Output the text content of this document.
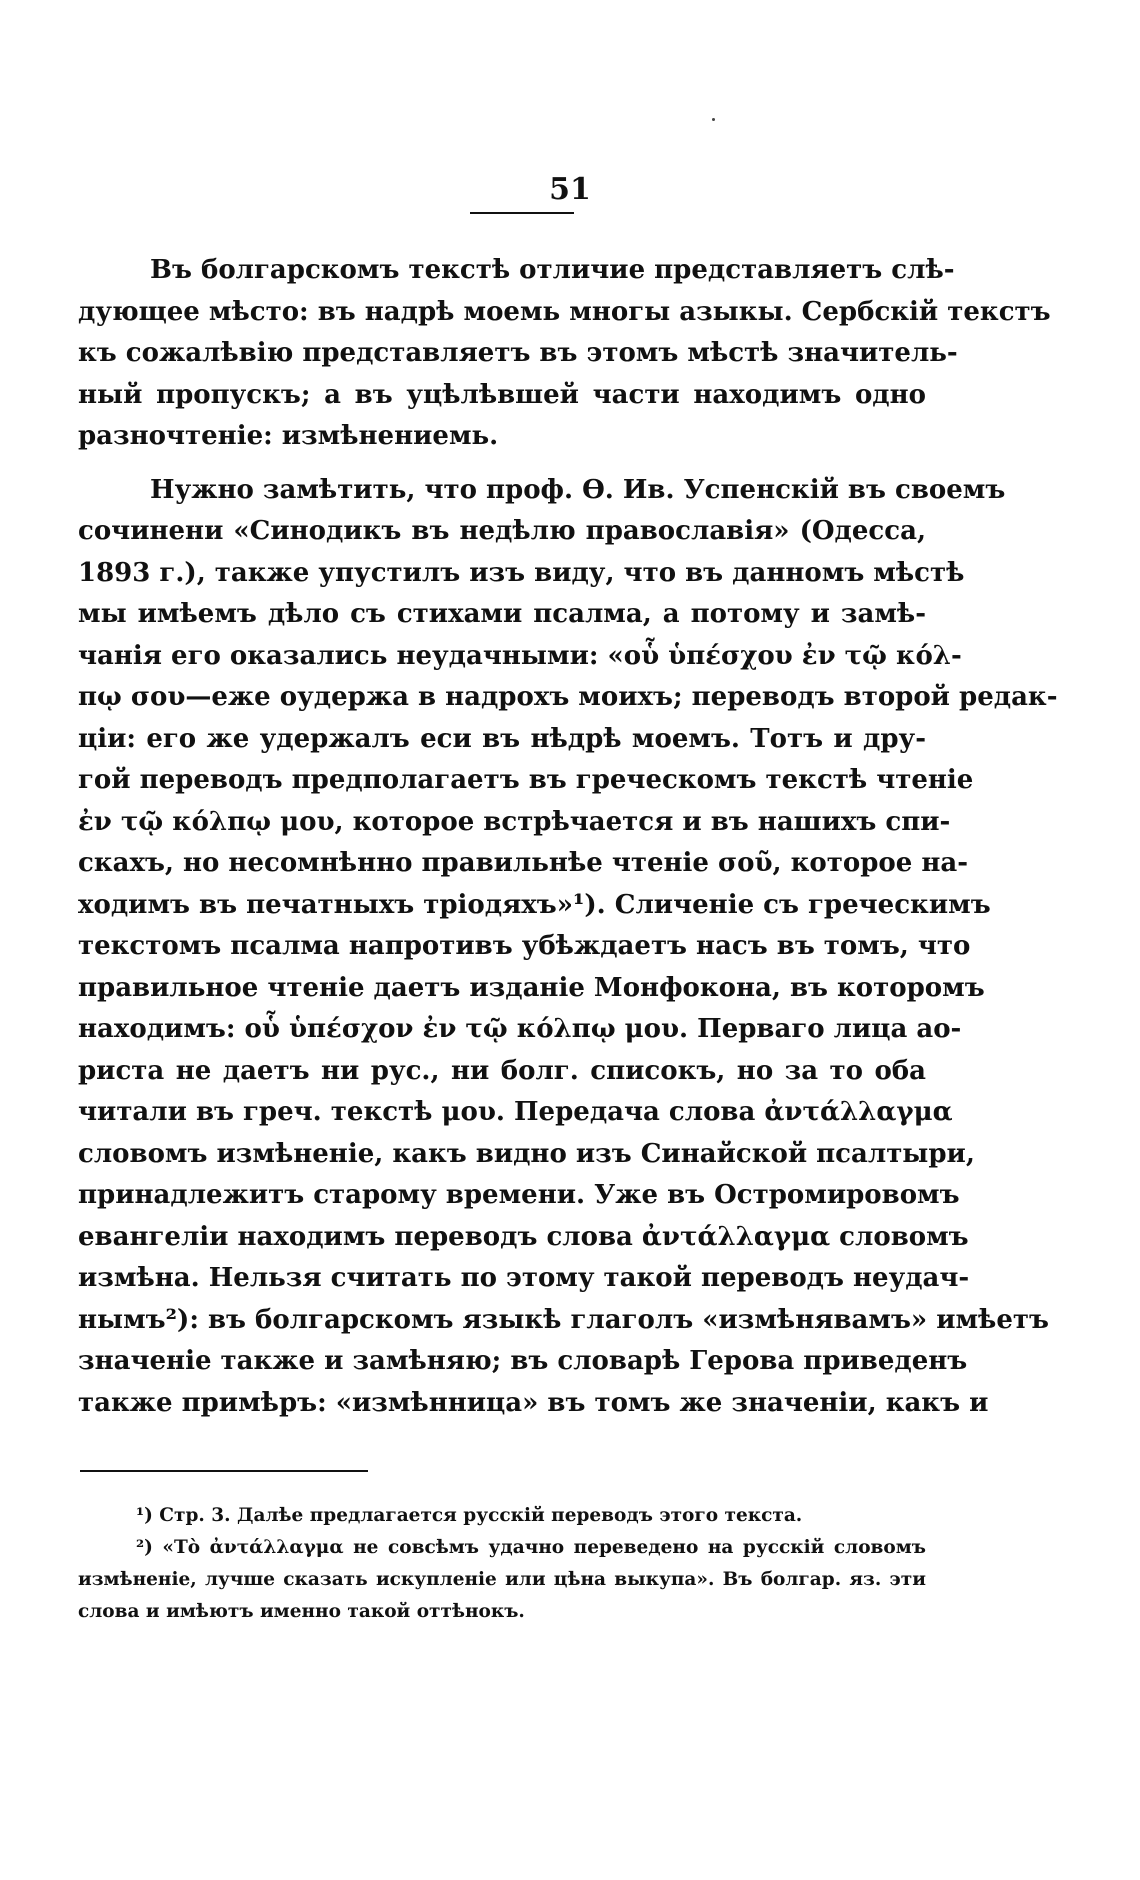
51
Въ болгарскомъ текстѣ отличие представляетъ слѣ-
дующее мѣсто: въ надрѣ моемь многы азыкы. Сербскій текстъ
къ сожалѣвію представляетъ въ этомъ мѣстѣ значитель-
ный пропускъ; а въ уцѣлѣвшей части находимъ одно
разночтеніе: измѣнениемь.
Нужно замѣтить, что проф. Ѳ. Ив. Успенскій въ своемъ
сочинени «Синодикъ въ недѣлю православія» (Одесса,
1893 г.), также упустилъ изъ виду, что въ данномъ мѣстѣ
мы имѣемъ дѣло съ стихами псалма, а потому и замѣ-
чанія его оказались неудачными: «οὗ ὑπέσχου ἐν τῷ κόλ-
πῳ σου—еже оудержа в надроxъ моихъ; переводъ второй редак-
ціи: его же удержалъ еси въ нѣдрѣ моемъ. Тотъ и дру-
гой переводъ предполагаетъ въ греческомъ текстѣ чтеніе
ἐν τῷ κόλπῳ μου, которое встрѣчается и въ нашихъ спи-
скахъ, но несомнѣнно правильнѣе чтеніе σοῦ, которое на-
ходимъ въ печатныхъ тріодяхъ»¹). Сличеніе съ греческимъ
текстомъ псалма напротивъ убѣждаетъ насъ въ томъ, что
правильное чтеніе даетъ изданіе Монфокона, въ которомъ
находимъ: οὗ ὑπέσχον ἐν τῷ κόλπῳ μου. Перваго лица ао-
риста не даетъ ни рус., ни болг. списокъ, но за то оба
читали въ греч. текстѣ μου. Передача слова ἀντάλλαγμα
словомъ измѣненіе, какъ видно изъ Синайской псалтыри,
принадлежитъ старому времени. Уже въ Остромировомъ
евангеліи находимъ переводъ слова ἀντάλλαγμα словомъ
измѣна. Нельзя считать по этому такой переводъ неудач-
нымъ²): въ болгарскомъ языкѣ глаголъ «измѣнявамъ» имѣетъ
значеніе также и замѣняю; въ словарѣ Герова приведенъ
также примѣръ: «измѣнница» въ томъ же значеніи, какъ и
¹) Стр. 3. Далѣе предлагается русскій переводъ этого текста.
²) «Τὸ ἀντάλλαγμα не совсѣмъ удачно переведено на русскій словомъ
измѣненіе, лучше сказать искупленіе или цѣна выкупа». Въ болгар. яз. эти
слова и имѣютъ именно такой оттѣнокъ.
